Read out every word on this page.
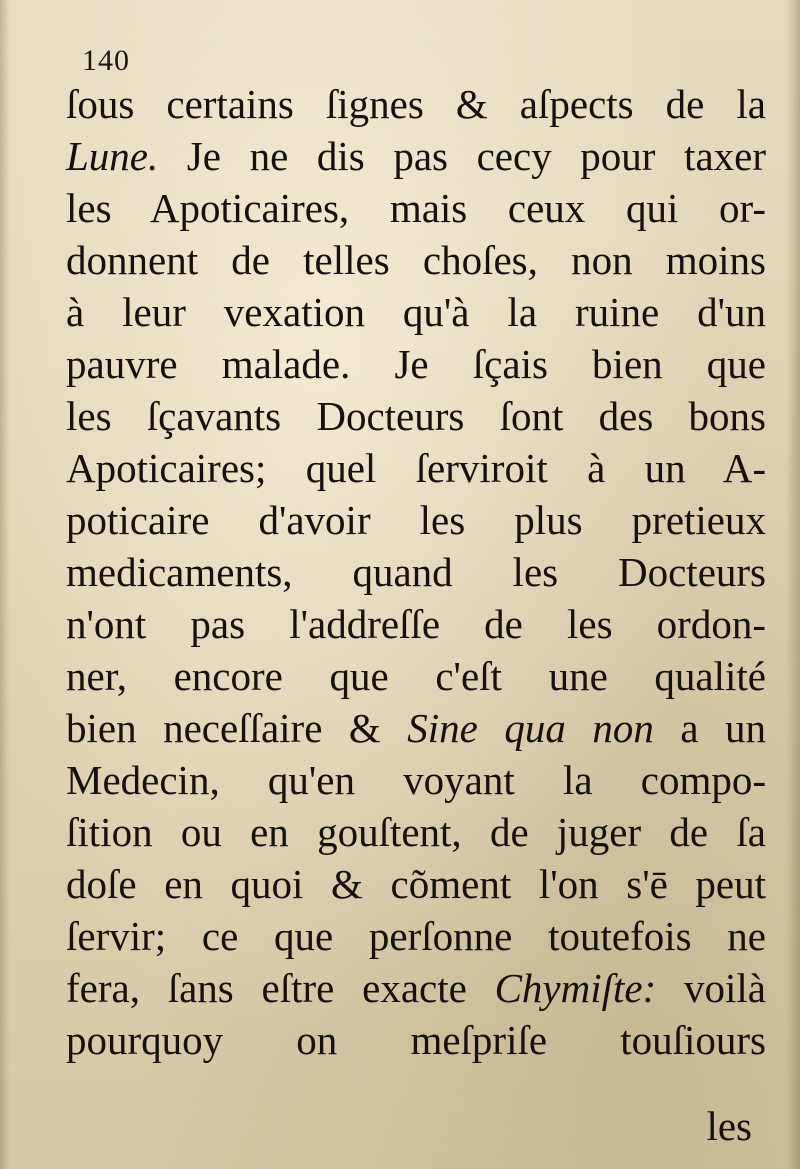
140
ſous certains ſignes & aſpects de la
Lune. Je ne dis pas cecy pour taxer
les Apoticaires, mais ceux qui or-
donnent de telles choſes, non moins
à leur vexation qu'à la ruine d'un
pauvre malade. Je ſçais bien que
les ſçavants Docteurs ſont des bons
Apoticaires; quel ſerviroit à un A-
poticaire d'avoir les plus pretieux
medicaments, quand les Docteurs
n'ont pas l'addreſſe de les ordon-
ner, encore que c'eſt une qualité
bien neceſſaire & Sine qua non a un
Medecin, qu'en voyant la compo-
ſition ou en gouſtent, de juger de ſa
doſe en quoi & cõment l'on s'ē peut
ſervir; ce que perſonne toutefois ne
fera, ſans eſtre exacte Chymiſte: voilà
pourquoy on meſpriſe touſiours
les
